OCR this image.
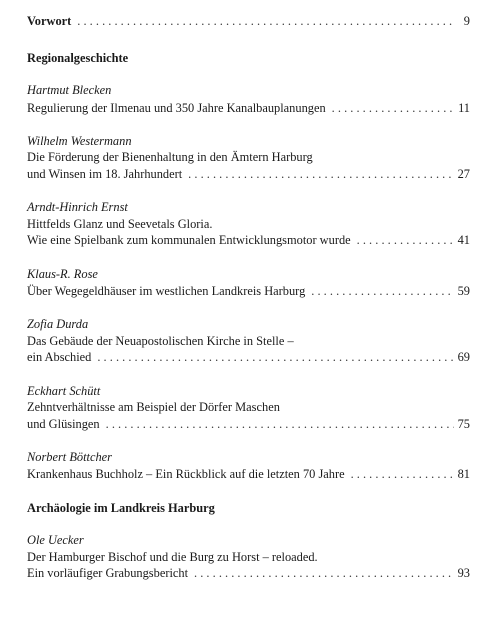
Vorwort . . .	9
Regionalgeschichte
Hartmut Blecken
Regulierung der Ilmenau und 350 Jahre Kanalbauplanungen . . .	11
Wilhelm Westermann
Die Förderung der Bienenhaltung in den Ämtern Harburg
und Winsen im 18. Jahrhundert . . .	27
Arndt-Hinrich Ernst
Hittfelds Glanz und Seevetals Gloria.
Wie eine Spielbank zum kommunalen Entwicklungsmotor wurde . . .	41
Klaus-R. Rose
Über Wegegeldhäuser im westlichen Landkreis Harburg . . .	59
Zofia Durda
Das Gebäude der Neuapostolischen Kirche in Stelle –
ein Abschied . . .	69
Eckhart Schütt
Zehntverhältnisse am Beispiel der Dörfer Maschen
und Glüsingen . . .	75
Norbert Böttcher
Krankenhaus Buchholz – Ein Rückblick auf die letzten 70 Jahre . . .	81
Archäologie im Landkreis Harburg
Ole Uecker
Der Hamburger Bischof und die Burg zu Horst – reloaded.
Ein vorläufiger Grabungsbericht . . .	93
